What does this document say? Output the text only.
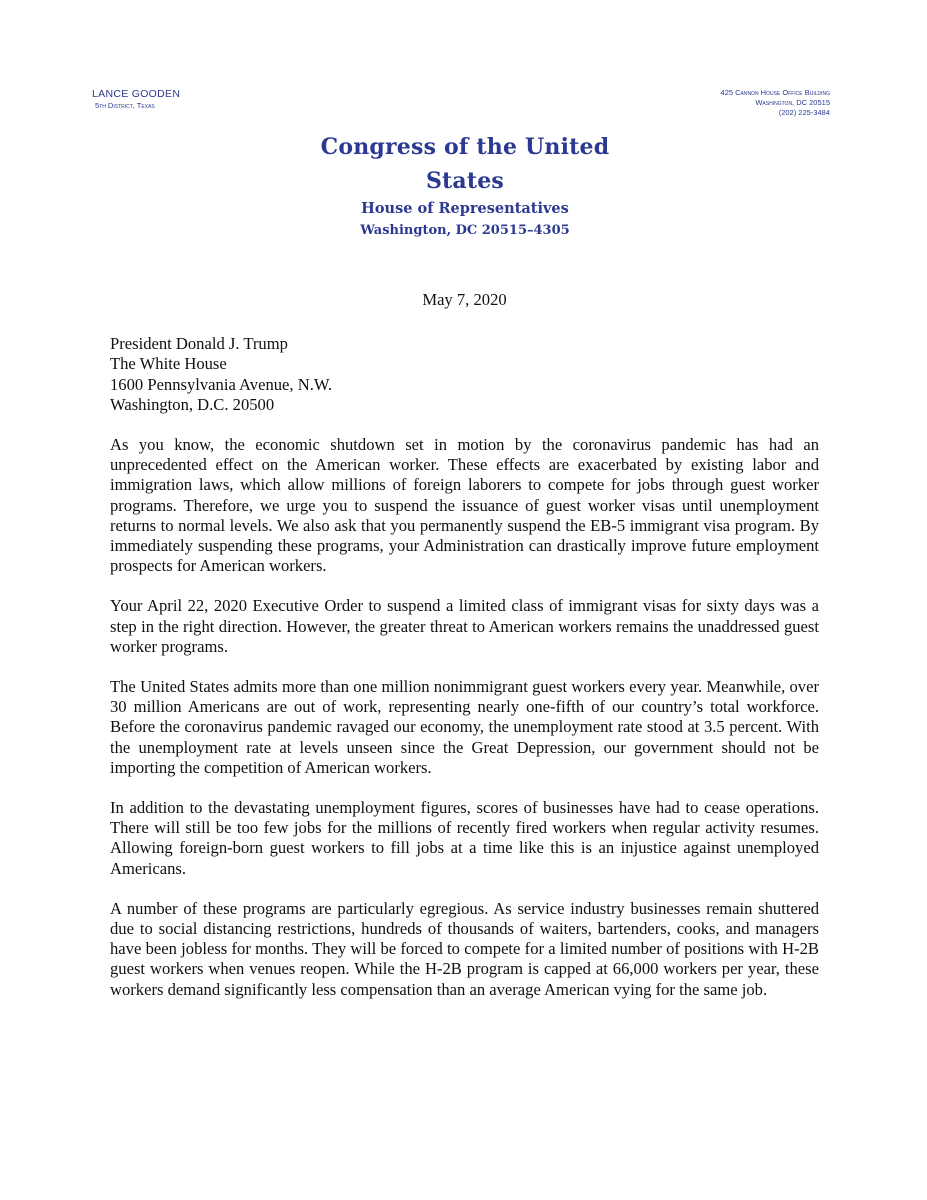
LANCE GOODEN
5th District, Texas
425 Cannon House Office Building
Washington, DC 20515
(202) 225-3484
Congress of the United States
House of Representatives
Washington, DC 20515–4305
May 7, 2020
President Donald J. Trump
The White House
1600 Pennsylvania Avenue, N.W.
Washington, D.C. 20500

As you know, the economic shutdown set in motion by the coronavirus pandemic has had an unprecedented effect on the American worker. These effects are exacerbated by existing labor and immigration laws, which allow millions of foreign laborers to compete for jobs through guest worker programs. Therefore, we urge you to suspend the issuance of guest worker visas until unemployment returns to normal levels. We also ask that you permanently suspend the EB-5 immigrant visa program. By immediately suspending these programs, your Administration can drastically improve future employment prospects for American workers.

Your April 22, 2020 Executive Order to suspend a limited class of immigrant visas for sixty days was a step in the right direction. However, the greater threat to American workers remains the unaddressed guest worker programs.

The United States admits more than one million nonimmigrant guest workers every year. Meanwhile, over 30 million Americans are out of work, representing nearly one-fifth of our country’s total workforce. Before the coronavirus pandemic ravaged our economy, the unemployment rate stood at 3.5 percent. With the unemployment rate at levels unseen since the Great Depression, our government should not be importing the competition of American workers.

In addition to the devastating unemployment figures, scores of businesses have had to cease operations. There will still be too few jobs for the millions of recently fired workers when regular activity resumes. Allowing foreign-born guest workers to fill jobs at a time like this is an injustice against unemployed Americans.

A number of these programs are particularly egregious. As service industry businesses remain shuttered due to social distancing restrictions, hundreds of thousands of waiters, bartenders, cooks, and managers have been jobless for months. They will be forced to compete for a limited number of positions with H-2B guest workers when venues reopen. While the H-2B program is capped at 66,000 workers per year, these workers demand significantly less compensation than an average American vying for the same job.
